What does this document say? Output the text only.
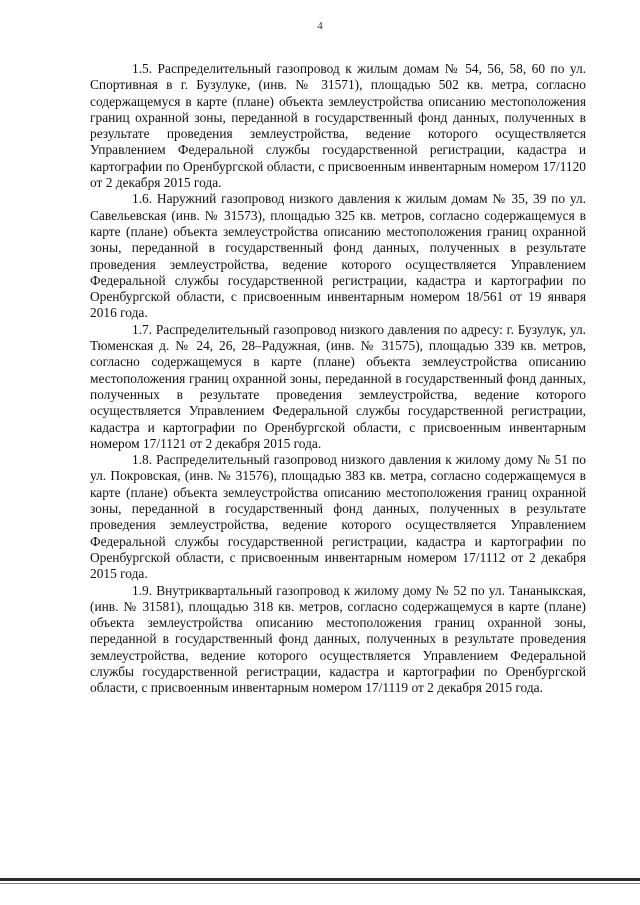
4

1.5. Распределительный газопровод к жилым домам № 54, 56, 58, 60 по ул. Спортивная в г. Бузулуке, (инв. № 31571), площадью 502 кв. метра, согласно содержащемуся в карте (плане) объекта землеустройства описанию местоположения границ охранной зоны, переданной в государственный фонд данных, полученных в результате проведения землеустройства, ведение которого осуществляется Управлением Федеральной службы государственной регистрации, кадастра и картографии по Оренбургской области, с присвоенным инвентарным номером 17/1120 от 2 декабря 2015 года.

1.6. Наружний газопровод низкого давления к жилым домам № 35, 39 по ул. Савельевская (инв. № 31573), площадью 325 кв. метров, согласно содержащемуся в карте (плане) объекта землеустройства описанию местоположения границ охранной зоны, переданной в государственный фонд данных, полученных в результате проведения землеустройства, ведение которого осуществляется Управлением Федеральной службы государственной регистрации, кадастра и картографии по Оренбургской области, с присвоенным инвентарным номером 18/561 от 19 января 2016 года.

1.7. Распределительный газопровод низкого давления по адресу: г. Бузулук, ул. Тюменская д. № 24, 26, 28–Радужная, (инв. № 31575), площадью 339 кв. метров, согласно содержащемуся в карте (плане) объекта землеустройства описанию местоположения границ охранной зоны, переданной в государственный фонд данных, полученных в результате проведения землеустройства, ведение которого осуществляется Управлением Федеральной службы государственной регистрации, кадастра и картографии по Оренбургской области, с присвоенным инвентарным номером 17/1121 от 2 декабря 2015 года.

1.8. Распределительный газопровод низкого давления к жилому дому № 51 по ул. Покровская, (инв. № 31576), площадью 383 кв. метра, согласно содержащемуся в карте (плане) объекта землеустройства описанию местоположения границ охранной зоны, переданной в государственный фонд данных, полученных в результате проведения землеустройства, ведение которого осуществляется Управлением Федеральной службы государственной регистрации, кадастра и картографии по Оренбургской области, с присвоенным инвентарным номером 17/1112 от 2 декабря 2015 года.

1.9. Внутриквартальный газопровод к жилому дому № 52 по ул. Тананыкская, (инв. № 31581), площадью 318 кв. метров, согласно содержащемуся в карте (плане) объекта землеустройства описанию местоположения границ охранной зоны, переданной в государственный фонд данных, полученных в результате проведения землеустройства, ведение которого осуществляется Управлением Федеральной службы государственной регистрации, кадастра и картографии по Оренбургской области, с присвоенным инвентарным номером 17/1119 от 2 декабря 2015 года.
